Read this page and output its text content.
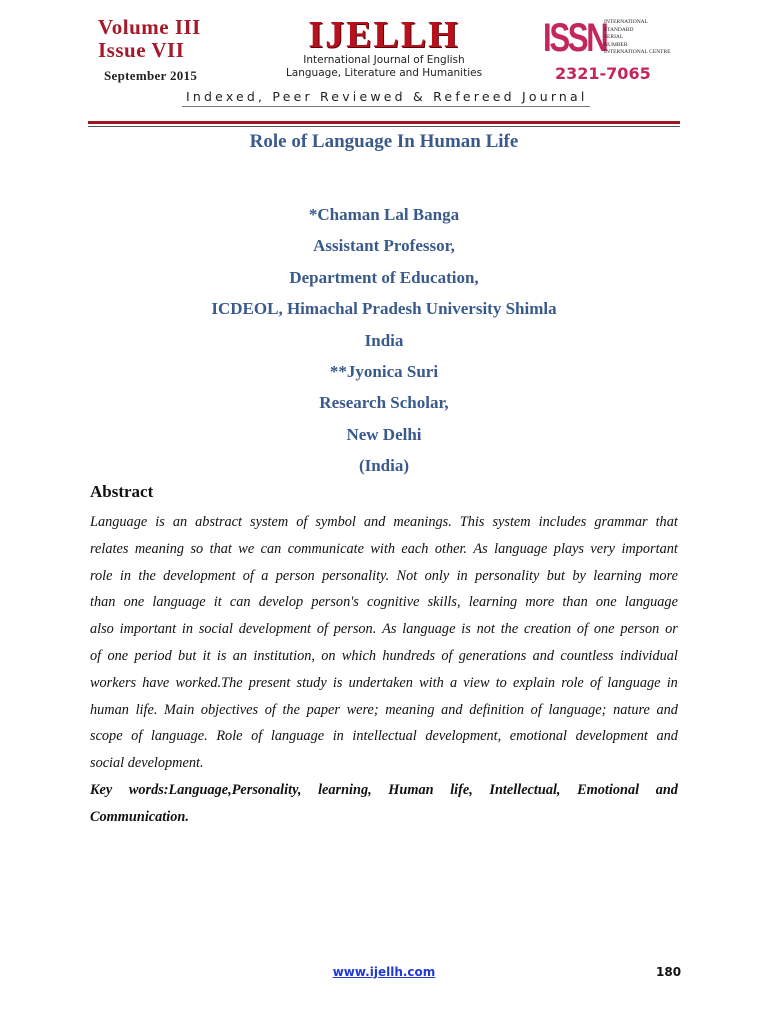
Volume III
Issue VII
September 2015
IJELLH
International Journal of English
Language, Literature and Humanities
ISSN
INTERNATIONAL
STANDARD
SERIAL
NUMBER
INTERNATIONAL CENTRE
2321-7065
Indexed, Peer Reviewed & Refereed Journal
Role of Language In Human Life
*Chaman Lal Banga
Assistant Professor,
Department of Education,
ICDEOL, Himachal Pradesh University Shimla
India
**Jyonica Suri
Research Scholar,
New Delhi
(India)
Abstract
Language is an abstract system of symbol and meanings. This system includes grammar that
relates meaning so that we can communicate with each other. As language plays very important
role in the development of a person personality. Not only in personality but by learning more
than one language it can develop person's cognitive skills, learning more than one language
also important in social development of person. As language is not the creation of one person or
of one period but it is an institution, on which hundreds of generations and countless individual
workers have worked.The present study is undertaken with a view to explain role of language in
human life. Main objectives of the paper were; meaning and definition of language; nature and
scope of language. Role of language in intellectual development, emotional development and
social development.
Key words:Language,Personality, learning, Human life, Intellectual, Emotional and
Communication.
www.ijellh.com	180
